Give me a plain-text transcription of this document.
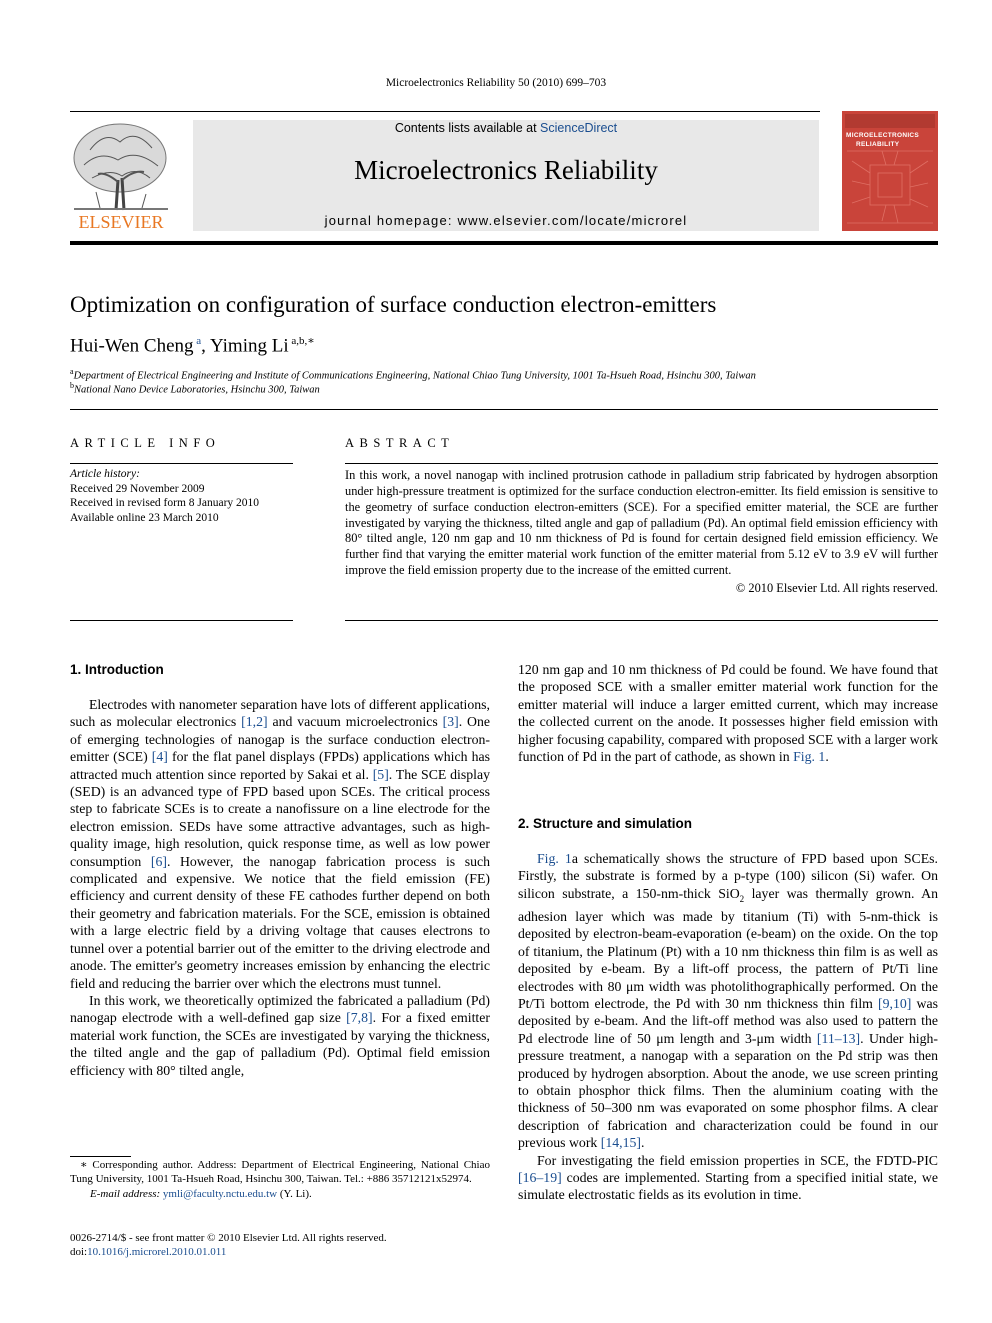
Microelectronics Reliability 50 (2010) 699–703
ELSEVIER
Contents lists available at ScienceDirect
Microelectronics Reliability
journal homepage: www.elsevier.com/locate/microrel
MICROELECTRONICS
RELIABILITY
Optimization on configuration of surface conduction electron-emitters
Hui-Wen Cheng $^a$, Yiming Li $^{a,b,∗}$
$^a$Department of Electrical Engineering and Institute of Communications Engineering, National Chiao Tung University, 1001 Ta-Hsueh Road, Hsinchu 300, Taiwan
$^b$National Nano Device Laboratories, Hsinchu 300, Taiwan
ARTICLE INFO
Article history:
Received 29 November 2009
Received in revised form 8 January 2010
Available online 23 March 2010
ABSTRACT

In this work, a novel nanogap with inclined protrusion cathode in palladium strip fabricated by hydrogen absorption under high-pressure treatment is optimized for the surface conduction electron-emitter. Its field emission is sensitive to the geometry of surface conduction electron-emitters (SCE). For a specified emitter material, the SCE are further investigated by varying the thickness, tilted angle and gap of palladium (Pd). An optimal field emission efficiency with 80° tilted angle, 120 nm gap and 10 nm thickness of Pd is found for certain designed field emission efficiency. We further find that varying the emitter material work function of the emitter material from 5.12 eV to 3.9 eV will further improve the field emission property due to the increase of the emitted current.

© 2010 Elsevier Ltd. All rights reserved.

1. Introduction

Electrodes with nanometer separation have lots of different applications, such as molecular electronics [1,2] and vacuum microelectronics [3]. One of emerging technologies of nanogap is the surface conduction electron-emitter (SCE) [4] for the flat panel displays (FPDs) applications which has attracted much attention since reported by Sakai et al. [5]. The SCE display (SED) is an advanced type of FPD based upon SCEs. The critical process step to fabricate SCEs is to create a nanofissure on a line electrode for the electron emission. SEDs have some attractive advantages, such as high-quality image, high resolution, quick response time, as well as low power consumption [6]. However, the nanogap fabrication process is such complicated and expensive. We notice that the field emission (FE) efficiency and current density of these FE cathodes further depend on both their geometry and fabrication materials. For the SCE, emission is obtained with a large electric field by a driving voltage that causes electrons to tunnel over a potential barrier out of the emitter to the driving electrode and anode. The emitter's geometry increases emission by enhancing the electric field and reducing the barrier over which the electrons must tunnel.

In this work, we theoretically optimized the fabricated a palladium (Pd) nanogap electrode with a well-defined gap size [7,8]. For a fixed emitter material work function, the SCEs are investigated by varying the thickness, the tilted angle and the gap of palladium (Pd). Optimal field emission efficiency with 80° tilted angle,

∗ Corresponding author. Address: Department of Electrical Engineering, National Chiao Tung University, 1001 Ta-Hsueh Road, Hsinchu 300, Taiwan. Tel.: +886 35712121x52974.
E-mail address: ymli@faculty.nctu.edu.tw (Y. Li).
0026-2714/$ - see front matter © 2010 Elsevier Ltd. All rights reserved.
doi:10.1016/j.microrel.2010.01.011

120 nm gap and 10 nm thickness of Pd could be found. We have found that the proposed SCE with a smaller emitter material work function for the emitter material will induce a larger emitted current, which may increase the collected current on the anode. It possesses higher field emission with higher focusing capability, compared with proposed SCE with a larger work function of Pd in the part of cathode, as shown in Fig. 1.

2. Structure and simulation

Fig. 1a schematically shows the structure of FPD based upon SCEs. Firstly, the substrate is formed by a p-type (100) silicon (Si) wafer. On silicon substrate, a 150-nm-thick SiO$_2$ layer was thermally grown. An adhesion layer which was made by titanium (Ti) with 5-nm-thick is deposited by electron-beam-evaporation (e-beam) on the oxide. On the top of titanium, the Platinum (Pt) with a 10 nm thickness thin film is as well as deposited by e-beam. By a lift-off process, the pattern of Pt/Ti line electrodes with 80 μm width was photolithographically performed. On the Pt/Ti bottom electrode, the Pd with 30 nm thickness thin film [9,10] was deposited by e-beam. And the lift-off method was also used to pattern the Pd electrode line of 50 μm length and 3-μm width [11–13]. Under high-pressure treatment, a nanogap with a separation on the Pd strip was then produced by hydrogen absorption. About the anode, we use screen printing to obtain phosphor thick films. Then the aluminium coating with the thickness of 50–300 nm was evaporated on some phosphor films. A clear description of fabrication and characterization could be found in our previous work [14,15].

For investigating the field emission properties in SCE, the FDTD-PIC [16–19] codes are implemented. Starting from a specified initial state, we simulate electrostatic fields as its evolution in time.
